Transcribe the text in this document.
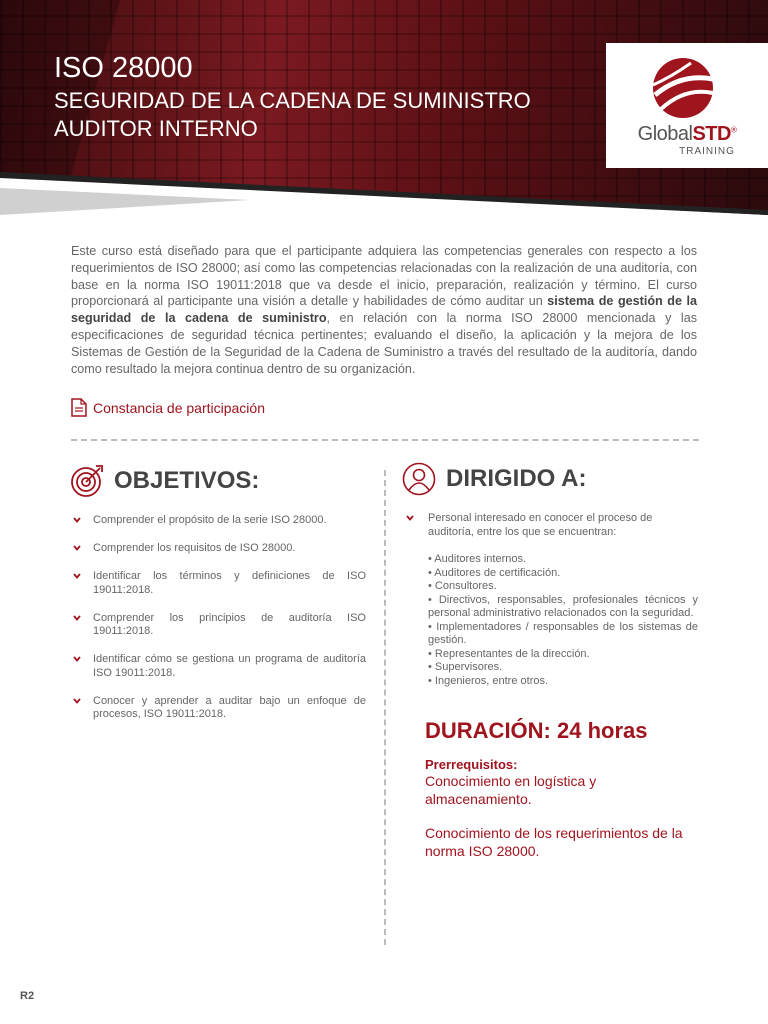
ISO 28000
SEGURIDAD DE LA CADENA DE SUMINISTRO
AUDITOR INTERNO	GlobalSTD®
TRAINING

Este curso está diseñado para que el participante adquiera las competencias generales con respecto a los requerimientos de ISO 28000; así como las competencias relacionadas con la realización de una auditoría, con base en la norma ISO 19011:2018 que va desde el inicio, preparación, realización y término. El curso proporcionará al participante una visión a detalle y habilidades de cómo auditar un sistema de gestión de la seguridad de la cadena de suministro, en relación con la norma ISO 28000 mencionada y las especificaciones de seguridad técnica pertinentes; evaluando el diseño, la aplicación y la mejora de los Sistemas de Gestión de la Seguridad de la Cadena de Suministro a través del resultado de la auditoría, dando como resultado la mejora continua dentro de su organización.

Constancia de participación
OBJETIVOS:
Comprender el propósito de la serie ISO 28000.
Comprender los requisitos de ISO 28000.
Identificar los términos y definiciones de ISO 19011:2018.
Comprender los principios de auditoría ISO 19011:2018.
Identificar cómo se gestiona un programa de auditoría ISO 19011:2018.
Conocer y aprender a auditar bajo un enfoque de procesos, ISO 19011:2018.
DIRIGIDO A:

Personal interesado en conocer el proceso de auditoría, entre los que se encuentran:

• Auditores internos.
• Auditores de certificación.
• Consultores.
• Directivos, responsables, profesionales técnicos y personal administrativo relacionados con la seguridad.
• Implementadores / responsables de los sistemas de gestión.
• Representantes de la dirección.
• Supervisores.
• Ingenieros, entre otros.
DURACIÓN: 24 horas
Prerrequisitos:

Conocimiento en logística y almacenamiento.

Conocimiento de los requerimientos de la norma ISO 28000.

R2
